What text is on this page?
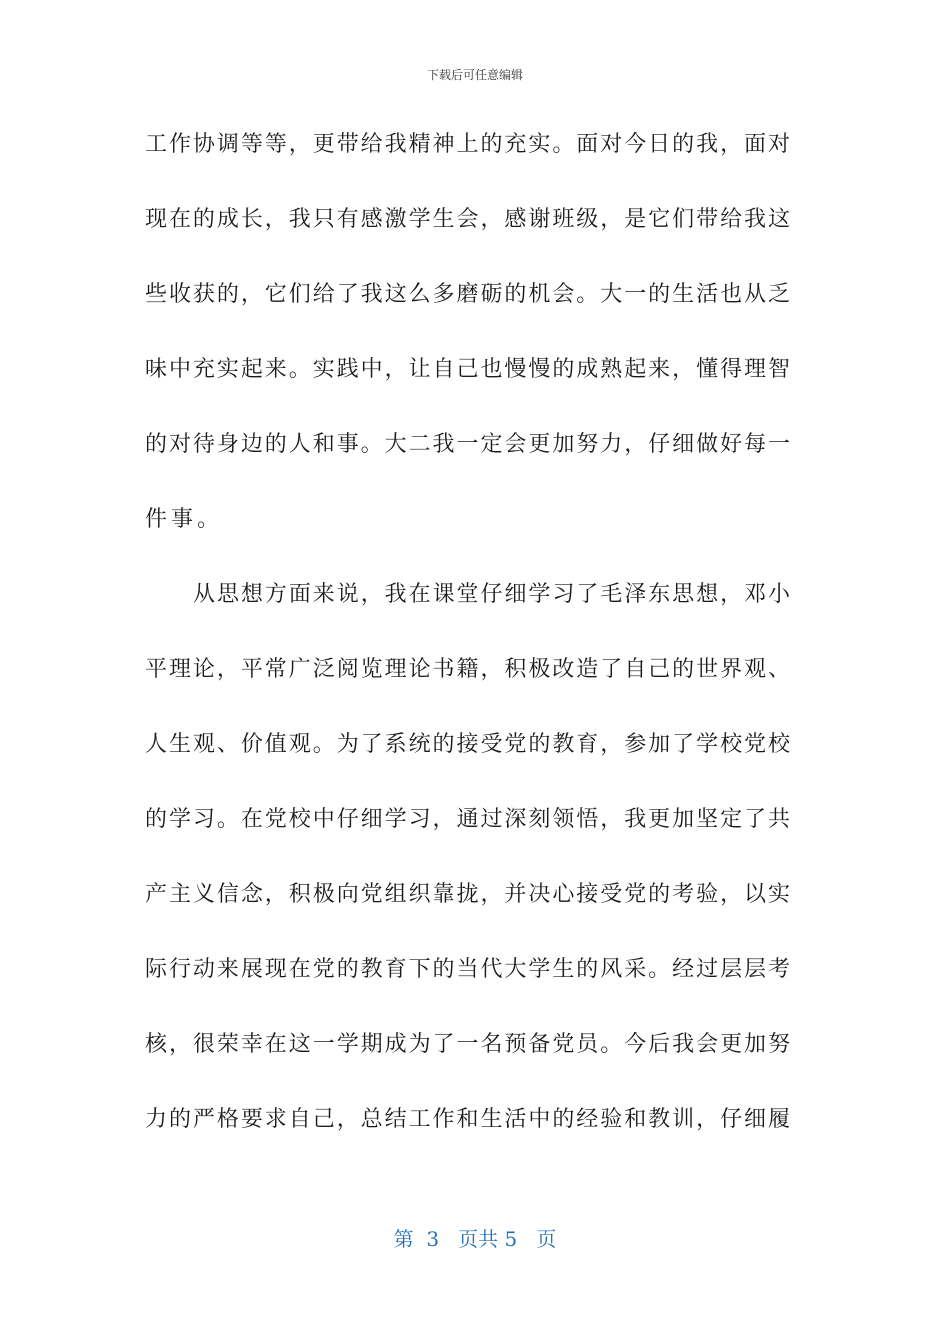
下载后可任意编辑
工作协调等等，更带给我精神上的充实。面对今日的我，面对
现在的成长，我只有感激学生会，感谢班级，是它们带给我这
些收获的，它们给了我这么多磨砺的机会。大一的生活也从乏
味中充实起来。实践中，让自己也慢慢的成熟起来，懂得理智
的对待身边的人和事。大二我一定会更加努力，仔细做好每一
件事。
从思想方面来说，我在课堂仔细学习了毛泽东思想，邓小
平理论，平常广泛阅览理论书籍，积极改造了自己的世界观、
人生观、价值观。为了系统的接受党的教育，参加了学校党校
的学习。在党校中仔细学习，通过深刻领悟，我更加坚定了共
产主义信念，积极向党组织靠拢，并决心接受党的考验，以实
际行动来展现在党的教育下的当代大学生的风采。经过层层考
核，很荣幸在这一学期成为了一名预备党员。今后我会更加努
力的严格要求自己，总结工作和生活中的经验和教训，仔细履
第  3   页共 5   页
